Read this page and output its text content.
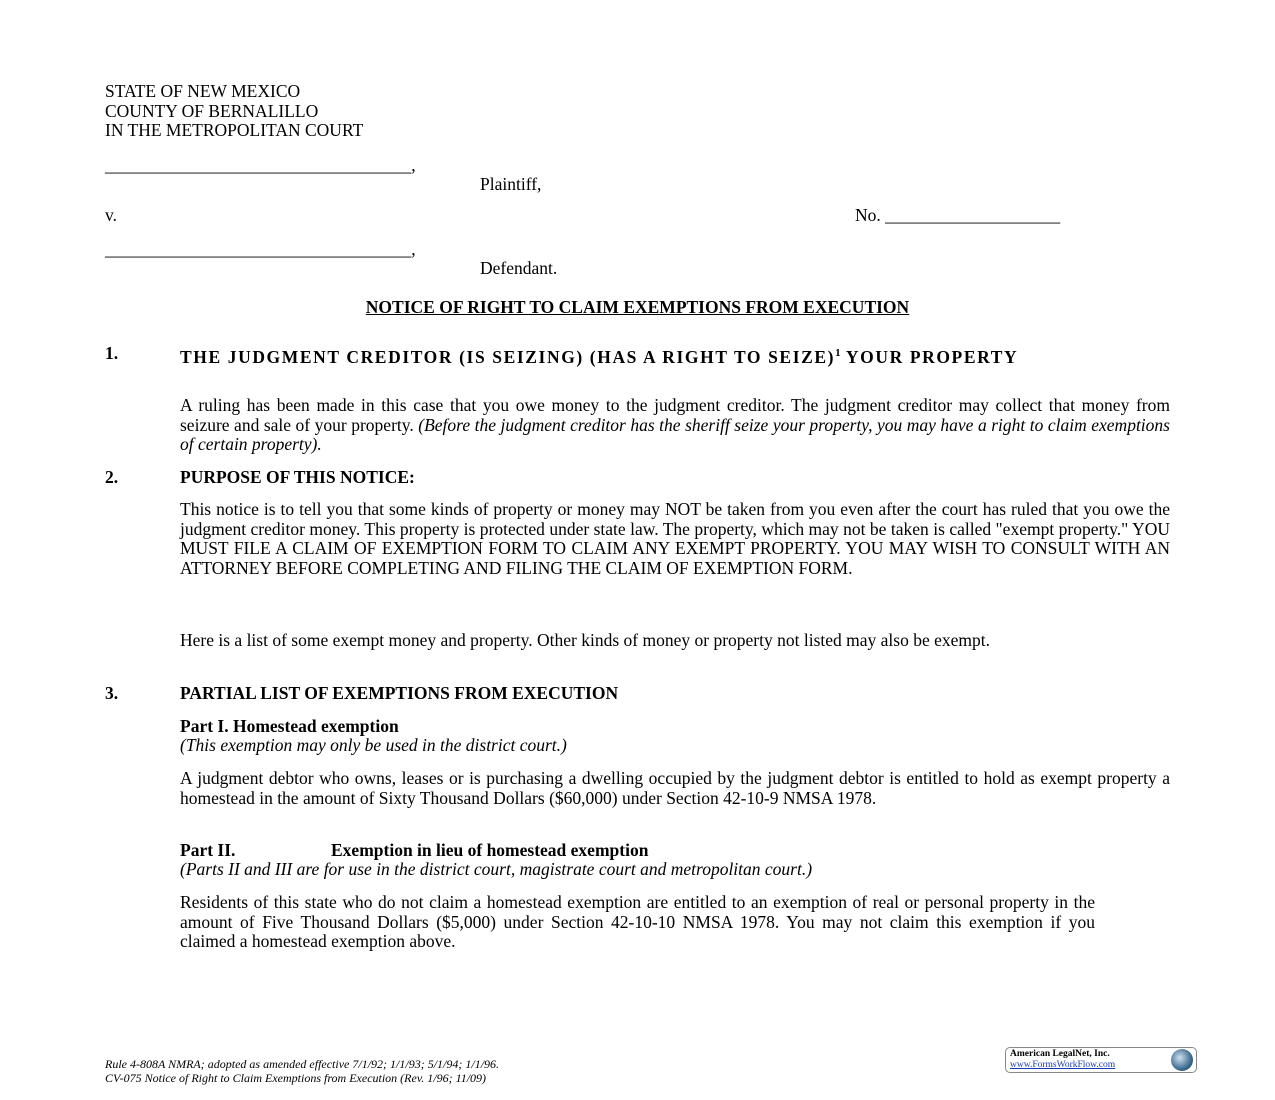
STATE OF NEW MEXICO
COUNTY OF BERNALILLO
IN THE METROPOLITAN COURT
___________________________________,
Plaintiff,
v.	No. ____________________
___________________________________,
Defendant.
NOTICE OF RIGHT TO CLAIM EXEMPTIONS FROM EXECUTION
1.	THE JUDGMENT CREDITOR (IS SEIZING) (HAS A RIGHT TO SEIZE)$^1$ YOUR PROPERTY
A ruling has been made in this case that you owe money to the judgment creditor. The judgment creditor may collect that money from seizure and sale of your property. (Before the judgment creditor has the sheriff seize your property, you may have a right to claim exemptions of certain property).
2.	PURPOSE OF THIS NOTICE:
This notice is to tell you that some kinds of property or money may NOT be taken from you even after the court has ruled that you owe the judgment creditor money. This property is protected under state law. The property, which may not be taken is called "exempt property." YOU MUST FILE A CLAIM OF EXEMPTION FORM TO CLAIM ANY EXEMPT PROPERTY. YOU MAY WISH TO CONSULT WITH AN ATTORNEY BEFORE COMPLETING AND FILING THE CLAIM OF EXEMPTION FORM.
Here is a list of some exempt money and property. Other kinds of money or property not listed may also be exempt.
3.	PARTIAL LIST OF EXEMPTIONS FROM EXECUTION
Part I. Homestead exemption
(This exemption may only be used in the district court.)
A judgment debtor who owns, leases or is purchasing a dwelling occupied by the judgment debtor is entitled to hold as exempt property a homestead in the amount of Sixty Thousand Dollars ($60,000) under Section 42-10-9 NMSA 1978.
Part II.	Exemption in lieu of homestead exemption
(Parts II and III are for use in the district court, magistrate court and metropolitan court.)
Residents of this state who do not claim a homestead exemption are entitled to an exemption of real or personal property in the amount of Five Thousand Dollars ($5,000) under Section 42-10-10 NMSA 1978. You may not claim this exemption if you claimed a homestead exemption above.
Rule 4-808A NMRA; adopted as amended effective 7/1/92; 1/1/93; 5/1/94; 1/1/96.
CV-075 Notice of Right to Claim Exemptions from Execution (Rev. 1/96; 11/09)
American LegalNet, Inc.
www.FormsWorkFlow.com
